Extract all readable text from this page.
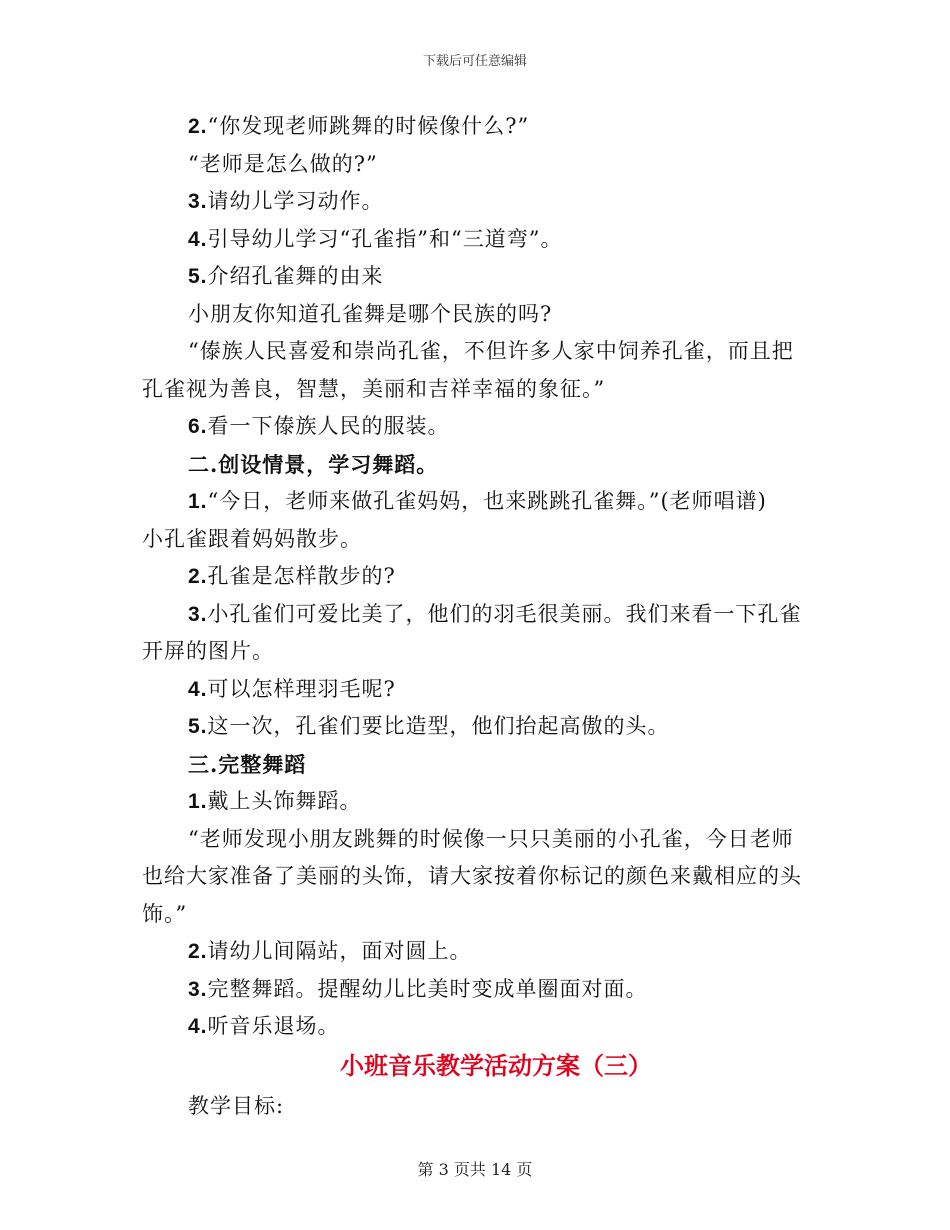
下载后可任意编辑
2.“你发现老师跳舞的时候像什么?”
“老师是怎么做的?”
3.请幼儿学习动作。
4.引导幼儿学习“孔雀指”和“三道弯”。
5.介绍孔雀舞的由来
小朋友你知道孔雀舞是哪个民族的吗?
“傣族人民喜爱和崇尚孔雀，不但许多人家中饲养孔雀，而且把
孔雀视为善良，智慧，美丽和吉祥幸福的象征。”
6.看一下傣族人民的服装。
二.创设情景，学习舞蹈。
1.“今日，老师来做孔雀妈妈，也来跳跳孔雀舞。”(老师唱谱)
小孔雀跟着妈妈散步。
2.孔雀是怎样散步的?
3.小孔雀们可爱比美了，他们的羽毛很美丽。我们来看一下孔雀
开屏的图片。
4.可以怎样理羽毛呢?
5.这一次，孔雀们要比造型，他们抬起高傲的头。
三.完整舞蹈
1.戴上头饰舞蹈。
“老师发现小朋友跳舞的时候像一只只美丽的小孔雀，今日老师
也给大家准备了美丽的头饰，请大家按着你标记的颜色来戴相应的头
饰。”
2.请幼儿间隔站，面对圆上。
3.完整舞蹈。提醒幼儿比美时变成单圈面对面。
4.听音乐退场。
小班音乐教学活动方案（三）
教学目标:
第 3 页共 14 页
